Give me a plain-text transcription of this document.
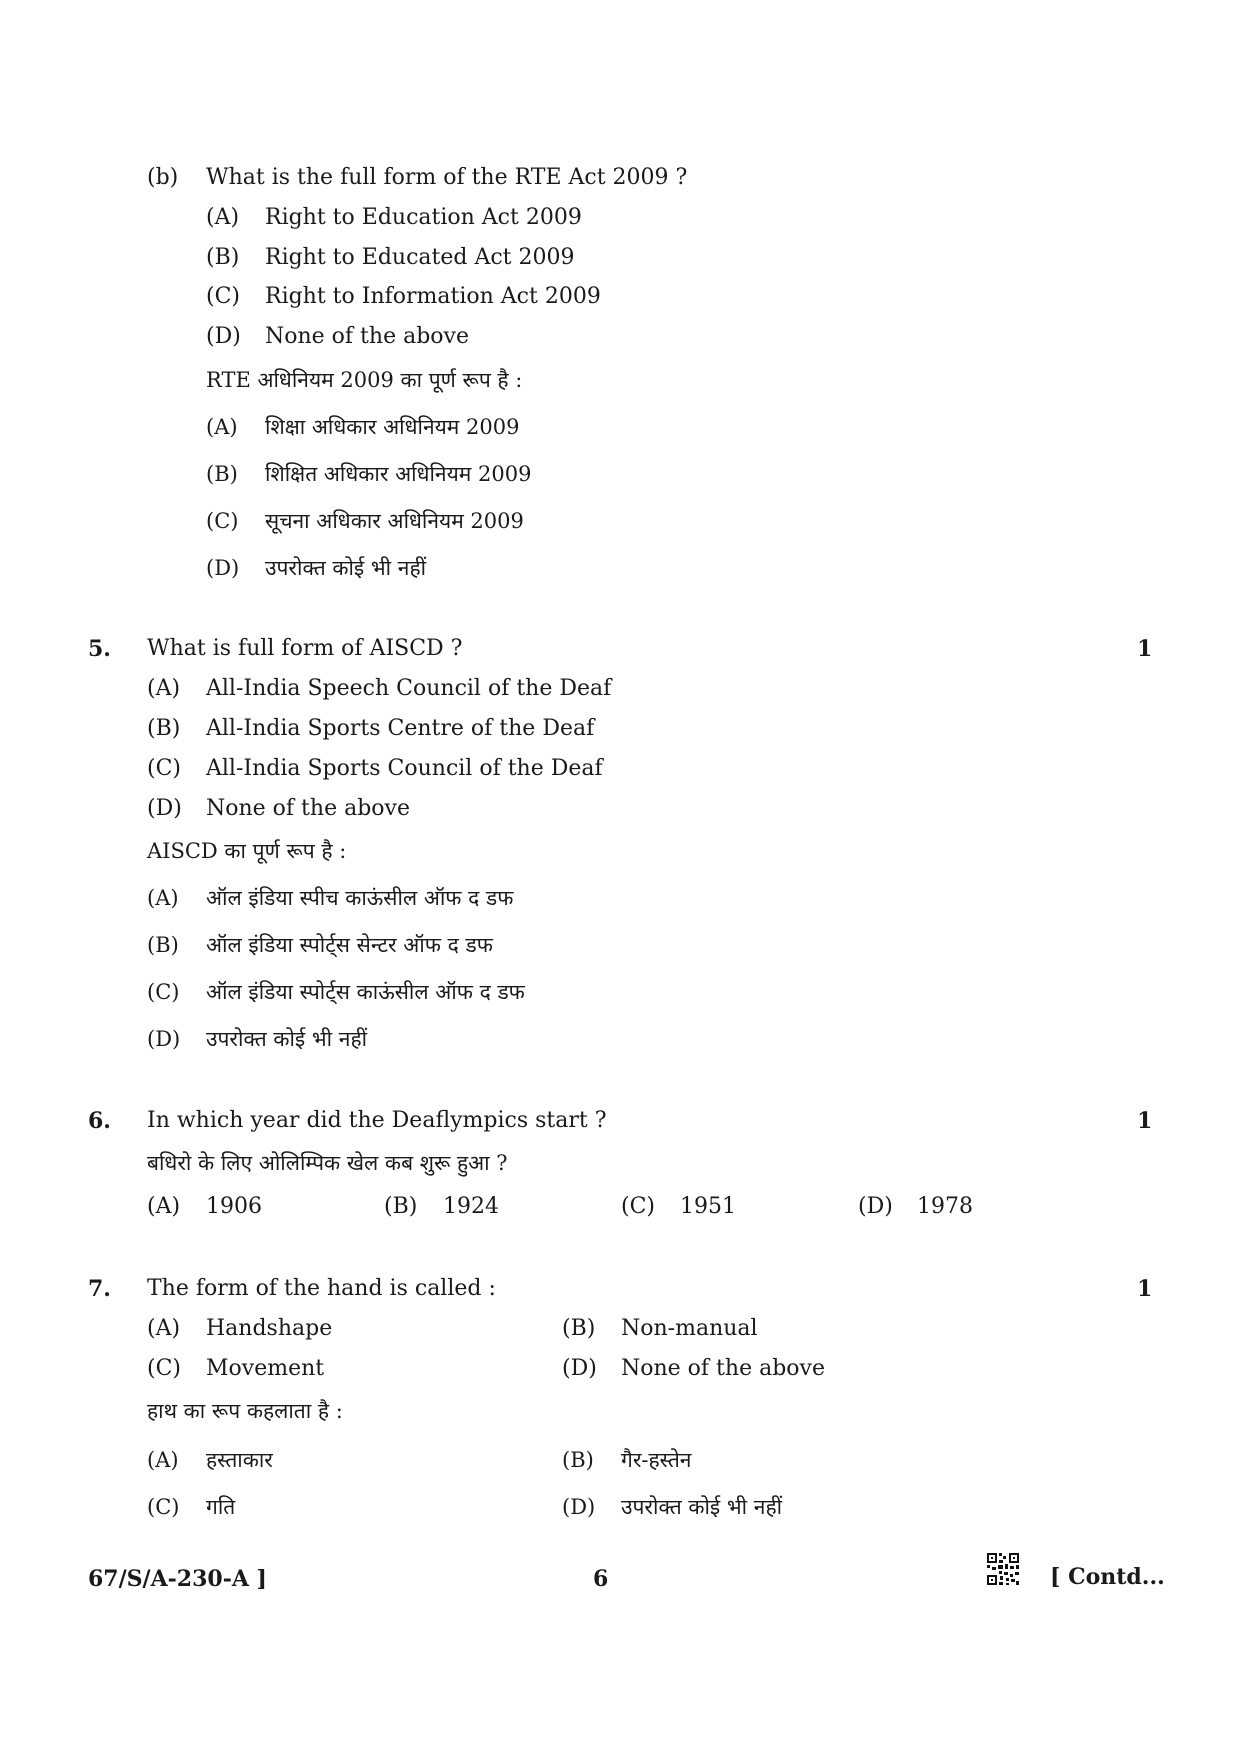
(b) What is the full form of the RTE Act 2009 ?
(A) Right to Education Act 2009
(B) Right to Educated Act 2009
(C) Right to Information Act 2009
(D) None of the above
RTE अधिनियम 2009 का पूर्ण रूप है :
(A) शिक्षा अधिकार अधिनियम 2009
(B) शिक्षित अधिकार अधिनियम 2009
(C) सूचना अधिकार अधिनियम 2009
(D) उपरोक्त कोई भी नहीं
5. What is full form of AISCD ?	1
(A) All-India Speech Council of the Deaf
(B) All-India Sports Centre of the Deaf
(C) All-India Sports Council of the Deaf
(D) None of the above
AISCD का पूर्ण रूप है :
(A) ऑल इंडिया स्पीच काऊंसील ऑफ द डफ
(B) ऑल इंडिया स्पोर्ट्स सेन्टर ऑफ द डफ
(C) ऑल इंडिया स्पोर्ट्स काऊंसील ऑफ द डफ
(D) उपरोक्त कोई भी नहीं
6. In which year did the Deaflympics start ?	1
बधिरो के लिए ओलिम्पिक खेल कब शुरू हुआ ?
(A) 1906	(B) 1924	(C) 1951	(D) 1978
7. The form of the hand is called :	1
(A) Handshape	(B) Non-manual
(C) Movement	(D) None of the above
हाथ का रूप कहलाता है :
(A) हस्ताकार	(B) गैर-हस्तेन
(C) गति	(D) उपरोक्त कोई भी नहीं
67/S/A-230-A ]	6	[ Contd...
